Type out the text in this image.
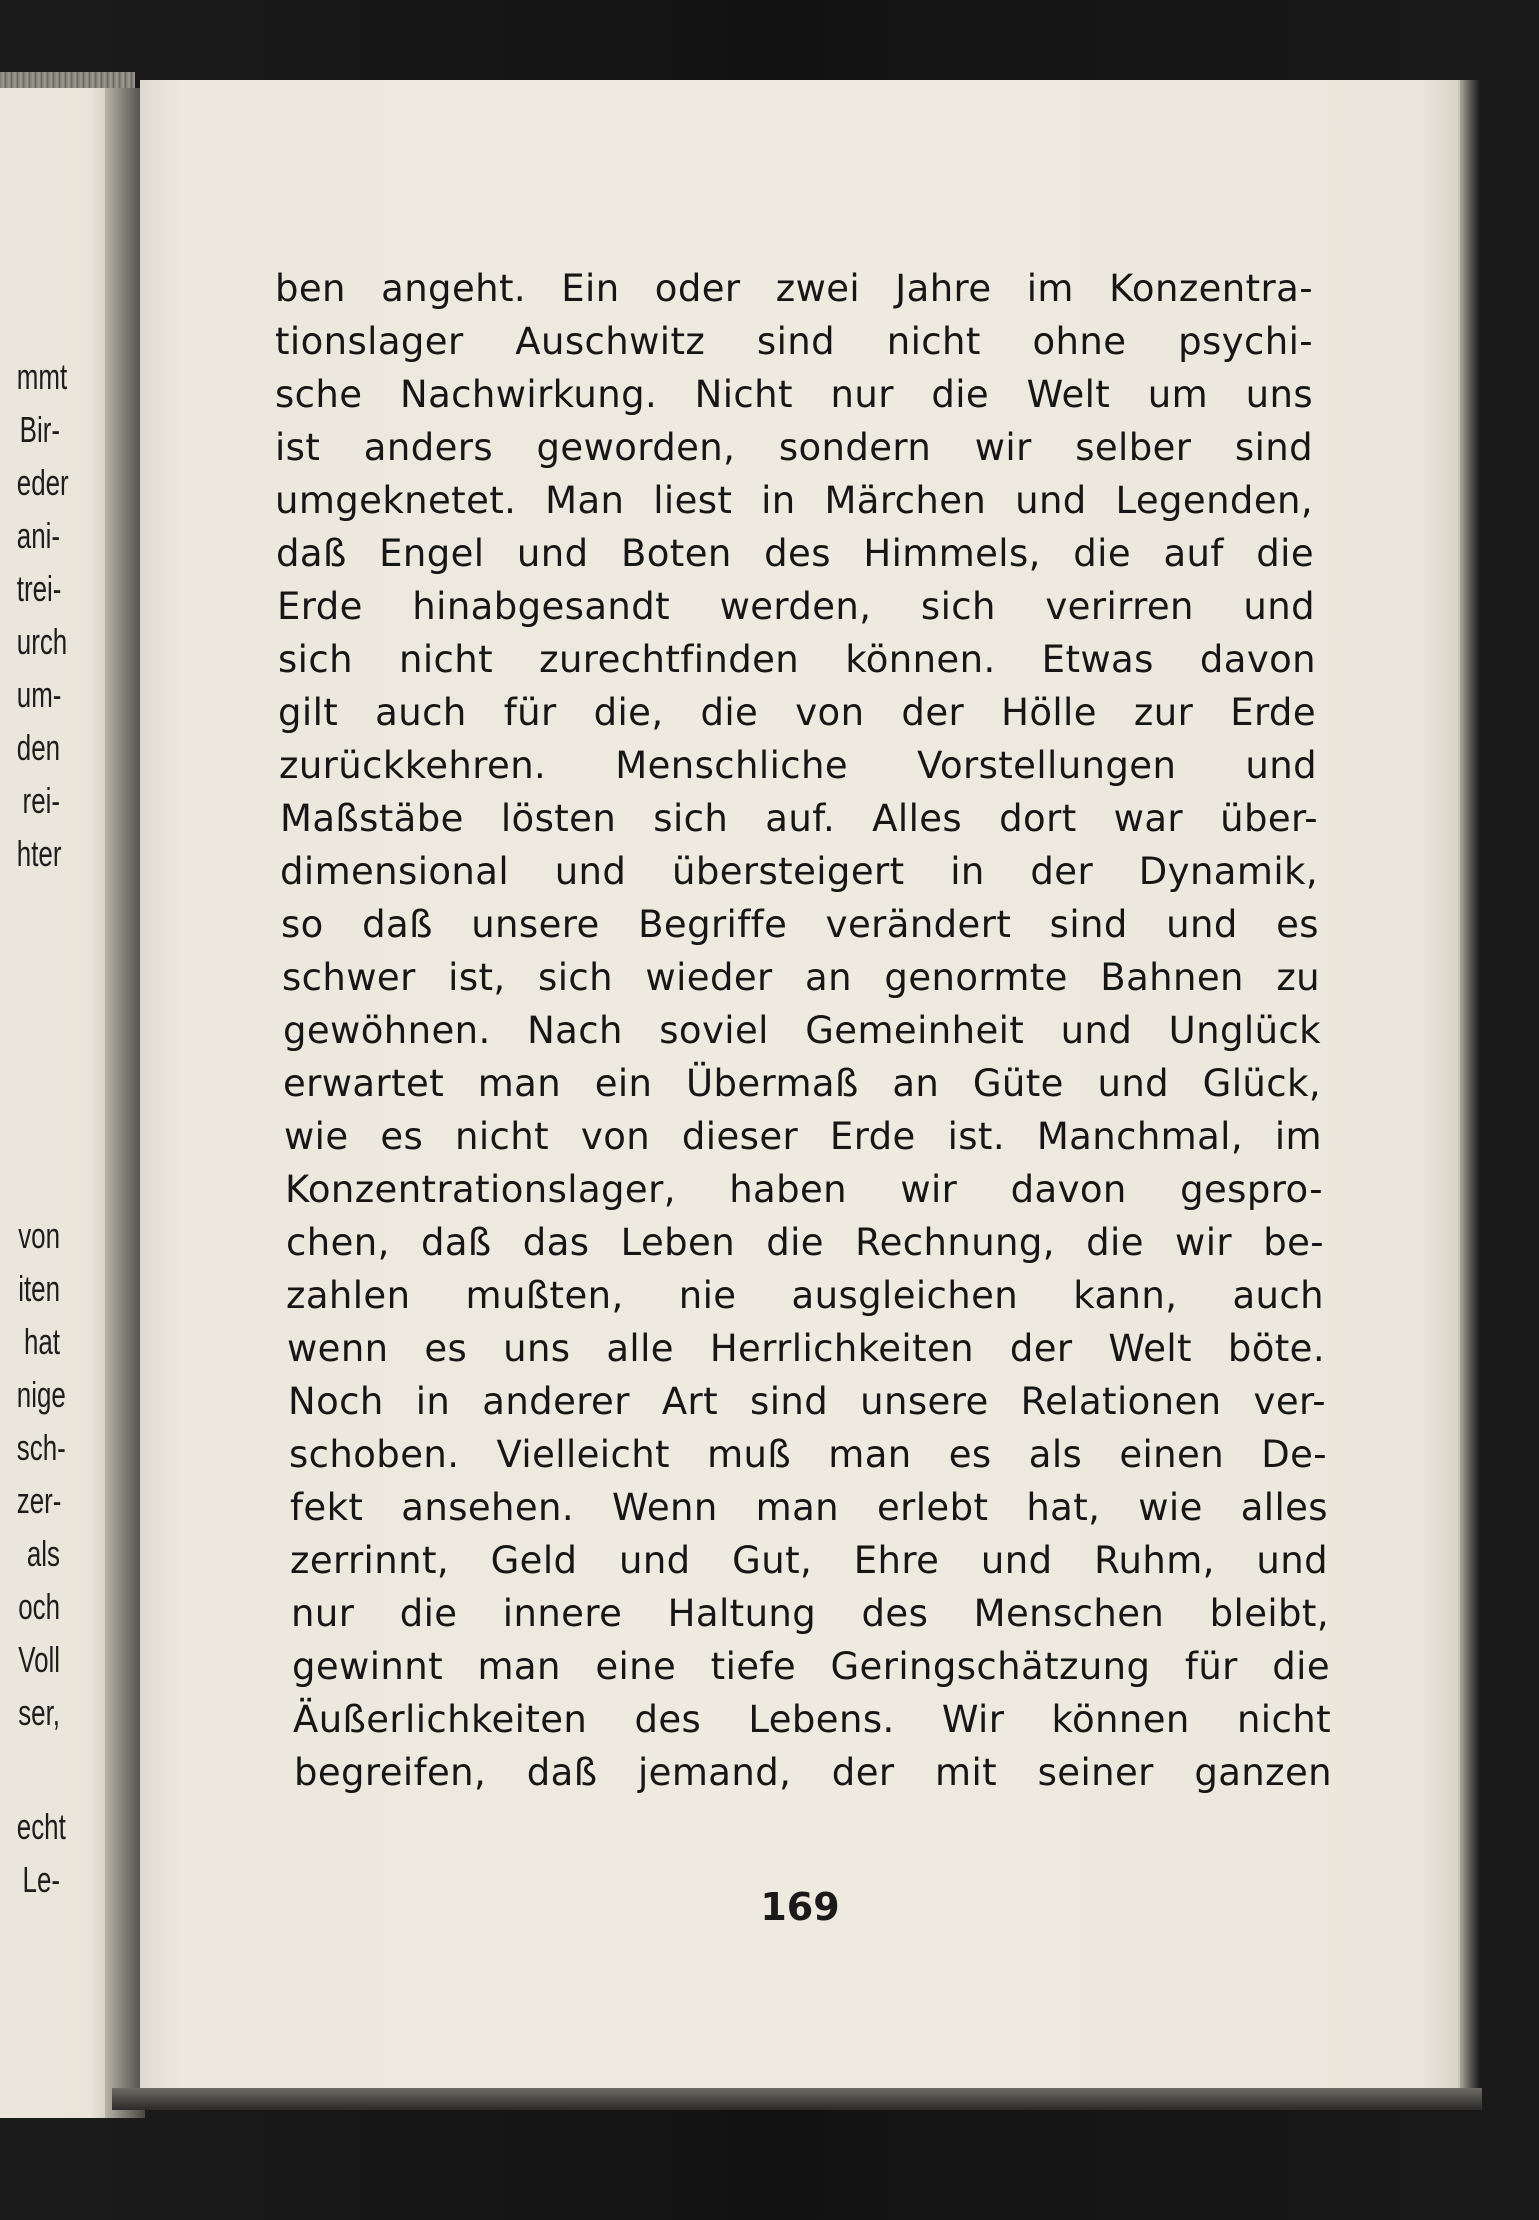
mmt
Bir-
eder
ani-
trei-
urch
um-
den
rei-
hter
von
iten
hat
nige
sch-
zer-
als
och
Voll
ser,
echt
Le-
ben angeht. Ein oder zwei Jahre im Konzentra-
tionslager Auschwitz sind nicht ohne psychi-
sche Nachwirkung. Nicht nur die Welt um uns
ist anders geworden, sondern wir selber sind
umgeknetet. Man liest in Märchen und Legenden,
daß Engel und Boten des Himmels, die auf die
Erde hinabgesandt werden, sich verirren und
sich nicht zurechtfinden können. Etwas davon
gilt auch für die, die von der Hölle zur Erde
zurückkehren. Menschliche Vorstellungen und
Maßstäbe lösten sich auf. Alles dort war über-
dimensional und übersteigert in der Dynamik,
so daß unsere Begriffe verändert sind und es
schwer ist, sich wieder an genormte Bahnen zu
gewöhnen. Nach soviel Gemeinheit und Unglück
erwartet man ein Übermaß an Güte und Glück,
wie es nicht von dieser Erde ist. Manchmal, im
Konzentrationslager, haben wir davon gespro-
chen, daß das Leben die Rechnung, die wir be-
zahlen mußten, nie ausgleichen kann, auch
wenn es uns alle Herrlichkeiten der Welt böte.
Noch in anderer Art sind unsere Relationen ver-
schoben. Vielleicht muß man es als einen De-
fekt ansehen. Wenn man erlebt hat, wie alles
zerrinnt, Geld und Gut, Ehre und Ruhm, und
nur die innere Haltung des Menschen bleibt,
gewinnt man eine tiefe Geringschätzung für die
Äußerlichkeiten des Lebens. Wir können nicht
begreifen, daß jemand, der mit seiner ganzen
169
